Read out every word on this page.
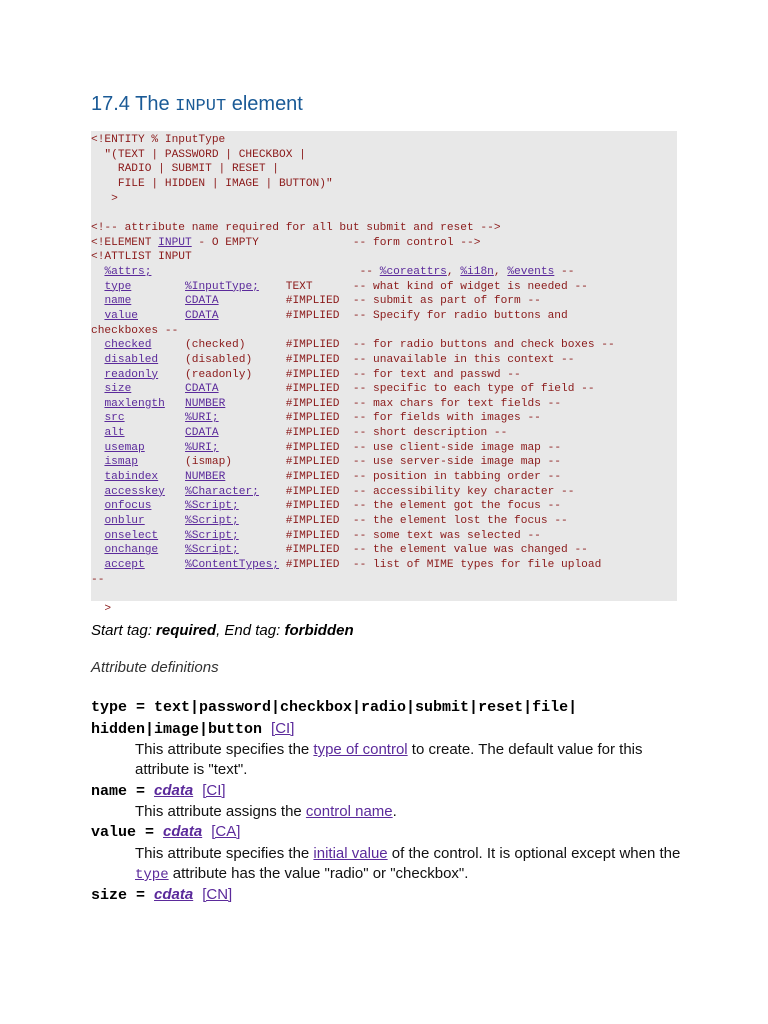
17.4 The INPUT element
<!ENTITY % InputType
"(TEXT | PASSWORD | CHECKBOX |
RADIO | SUBMIT | RESET |
FILE | HIDDEN | IMAGE | BUTTON)"
>

<!-- attribute name required for all but submit and reset -->
<!ELEMENT INPUT - O EMPTY              -- form control -->
<!ATTLIST INPUT
%attrs;	-- %coreattrs, %i18n, %events --
type	%InputType; TEXT      -- what kind of widget is needed --
name	CDATA	#IMPLIED -- submit as part of form --
value	CDATA	#IMPLIED -- Specify for radio buttons and
checkboxes --
checked	(checked)	#IMPLIED -- for radio buttons and check boxes --
disabled (disabled)	#IMPLIED -- unavailable in this context --
readonly (readonly)	#IMPLIED -- for text and passwd --
size	CDATA	#IMPLIED -- specific to each type of field --
maxlength NUMBER	#IMPLIED -- max chars for text fields --
src	%URI;	#IMPLIED -- for fields with images --
alt	CDATA	#IMPLIED -- short description --
usemap	%URI;	#IMPLIED -- use client-side image map --
ismap	(ismap)	#IMPLIED -- use server-side image map --
tabindex NUMBER	#IMPLIED -- position in tabbing order --
accesskey %Character; #IMPLIED -- accessibility key character --
onfocus	%Script;	#IMPLIED -- the element got the focus --
onblur	%Script;	#IMPLIED -- the element lost the focus --
onselect %Script;	#IMPLIED -- some text was selected --
onchange %Script;	#IMPLIED -- the element value was changed --
accept	%ContentTypes; #IMPLIED -- list of MIME types for file upload
--

>

Start tag: required, End tag: forbidden

Attribute definitions

type = text|password|checkbox|radio|submit|reset|file|
hidden|image|button [CI]

This attribute specifies the type of control to create. The default value for this attribute is "text".

name = cdata [CI]

This attribute assigns the control name.

value = cdata [CA]

This attribute specifies the initial value of the control. It is optional except when the type attribute has the value "radio" or "checkbox".

size = cdata [CN]
